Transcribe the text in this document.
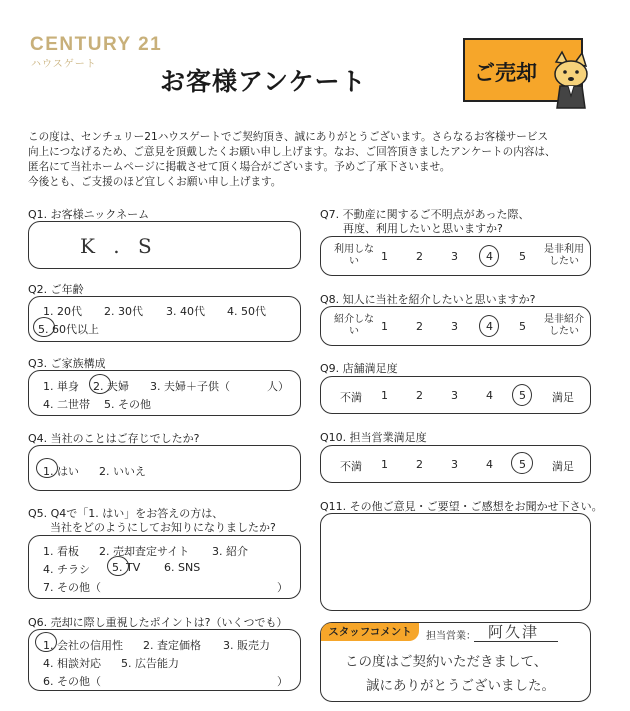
CENTURY 21
ハウスゲート
お客様アンケート	ご売却
この度は、センチュリー21ハウスゲートでご契約頂き、誠にありがとうございます。さらなるお客様サービス
向上につなげるため、ご意見を頂戴したくお願い申し上げます。なお、ご回答頂きましたアンケートの内容は、
匿名にて当社ホームページに掲載させて頂く場合がございます。予めご了承下さいませ。
今後とも、ご支援のほど宜しくお願い申し上げます。
Q1. お客様ニックネーム
K . S
Q2. ご年齢
1. 20代 2. 30代 3. 40代 4. 50代
5. 60代以上
Q3. ご家族構成
1. 単身 2. 夫婦 3. 夫婦＋子供（	人）
4. 二世帯 5. その他
Q4. 当社のことはご存じでしたか?
1. はい 2. いいえ
Q5. Q4で「1. はい」をお答えの方は、
当社をどのようにしてお知りになりましたか?
1. 看板 2. 売却査定サイト 3. 紹介
4. チラシ 5. TV 6. SNS
7. その他（	）
Q6. 売却に際し重視したポイントは?（いくつでも）
1. 会社の信用性 2. 査定価格 3. 販売力
4. 相談対応 5. 広告能力
6. その他（	）
Q7. 不動産に関するご不明点があった際、
再度、利用したいと思いますか?
利用しない	1	2	3	4 5
是非利用したい
Q8. 知人に当社を紹介したいと思いますか?
紹介しない	1	2	3	4 5
是非紹介したい
Q9. 店舗満足度
不満 1	2	3	4 5 満足
Q10. 担当営業満足度
不満 1	2	3	4 5 満足
Q11. その他ご意見・ご要望・ご感想をお聞かせ下さい。
スタッフコメント	担当営業： 阿久津
この度はご契約いただきまして、
誠にありがとうございました。
